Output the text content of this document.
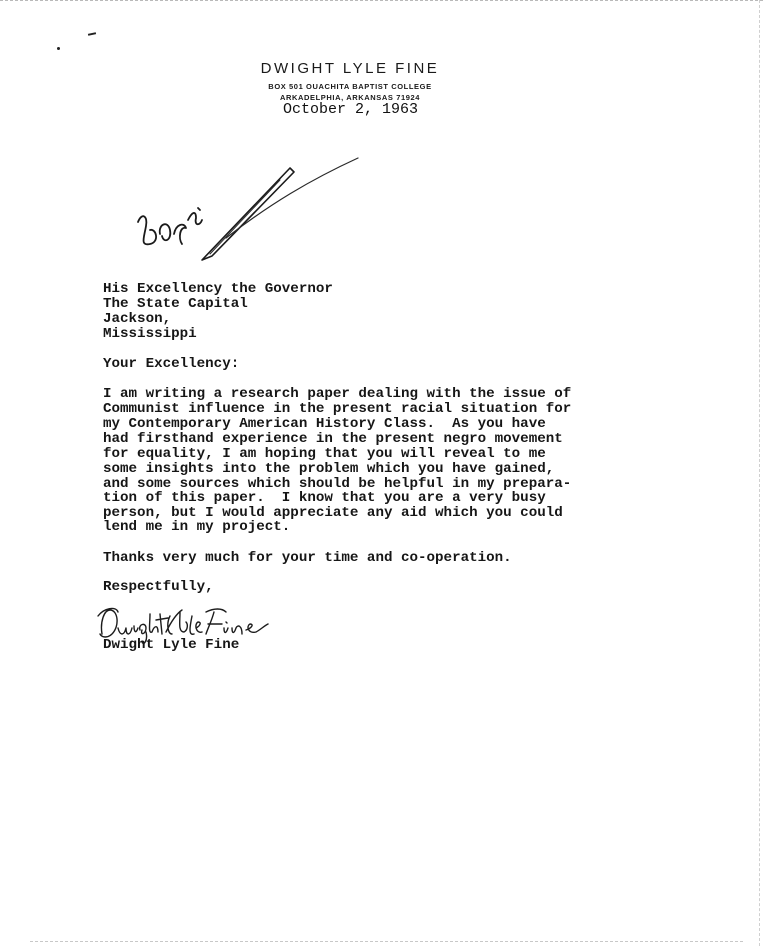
DWIGHT LYLE FINE
BOX 501 OUACHITA BAPTIST COLLEGE
ARKADELPHIA, ARKANSAS 71924
October 2, 1963

His Excellency the Governor

The State Capital

Jackson,

Mississippi

Your Excellency:

I am writing a research paper dealing with the issue of

Communist influence in the present racial situation for

my Contemporary American History Class.  As you have

had firsthand experience in the present negro movement

for equality, I am hoping that you will reveal to me

some insights into the problem which you have gained,

and some sources which should be helpful in my prepara-

tion of this paper.  I know that you are a very busy

person, but I would appreciate any aid which you could

lend me in my project.

Thanks very much for your time and co-operation.

Respectfully,

Dwight Lyle Fine
